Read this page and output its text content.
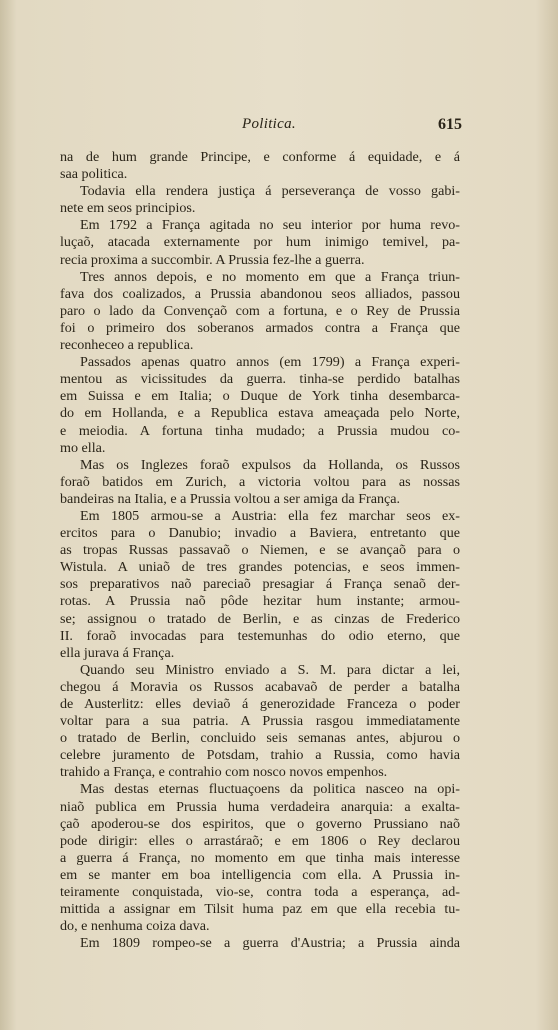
Politica.	615
na de hum grande Principe, e conforme á equidade, e á
saa politica.
Todavia ella rendera justiça á perseverança de vosso gabi-
nete em seos principios.
Em 1792 a França agitada no seu interior por huma revo-
luçaõ, atacada externamente por hum inimigo temivel, pa-
recia proxima a succombir. A Prussia fez-lhe a guerra.
Tres annos depois, e no momento em que a França triun-
fava dos coalizados, a Prussia abandonou seos alliados, passou
paro o lado da Convençaõ com a fortuna, e o Rey de Prussia
foi o primeiro dos soberanos armados contra a França que
reconheceo a republica.
Passados apenas quatro annos (em 1799) a França experi-
mentou as vicissitudes da guerra. tinha-se perdido batalhas
em Suissa e em Italia; o Duque de York tinha desembarca-
do em Hollanda, e a Republica estava ameaçada pelo Norte,
e meiodia. A fortuna tinha mudado; a Prussia mudou co-
mo ella.
Mas os Inglezes foraõ expulsos da Hollanda, os Russos
foraõ batidos em Zurich, a victoria voltou para as nossas
bandeiras na Italia, e a Prussia voltou a ser amiga da França.
Em 1805 armou-se a Austria: ella fez marchar seos ex-
ercitos para o Danubio; invadio a Baviera, entretanto que
as tropas Russas passavaõ o Niemen, e se avançaõ para o
Wistula. A uniaõ de tres grandes potencias, e seos immen-
sos preparativos naõ pareciaõ presagiar á França senaõ der-
rotas. A Prussia naõ pôde hezitar hum instante; armou-
se; assignou o tratado de Berlin, e as cinzas de Frederico
II. foraõ invocadas para testemunhas do odio eterno, que
ella jurava á França.
Quando seu Ministro enviado a S. M. para dictar a lei,
chegou á Moravia os Russos acabavaõ de perder a batalha
de Austerlitz: elles deviaõ á generozidade Franceza o poder
voltar para a sua patria. A Prussia rasgou immediatamente
o tratado de Berlin, concluido seis semanas antes, abjurou o
celebre juramento de Potsdam, trahio a Russia, como havia
trahido a França, e contrahio com nosco novos empenhos.
Mas destas eternas fluctuaçoens da politica nasceo na opi-
niaõ publica em Prussia huma verdadeira anarquia: a exalta-
çaõ apoderou-se dos espiritos, que o governo Prussiano naõ
pode dirigir: elles o arrastáraõ; e em 1806 o Rey declarou
a guerra á França, no momento em que tinha mais interesse
em se manter em boa intelligencia com ella. A Prussia in-
teiramente conquistada, vio-se, contra toda a esperança, ad-
mittida a assignar em Tilsit huma paz em que ella recebia tu-
do, e nenhuma coiza dava.
Em 1809 rompeo-se a guerra d'Austria; a Prussia ainda
